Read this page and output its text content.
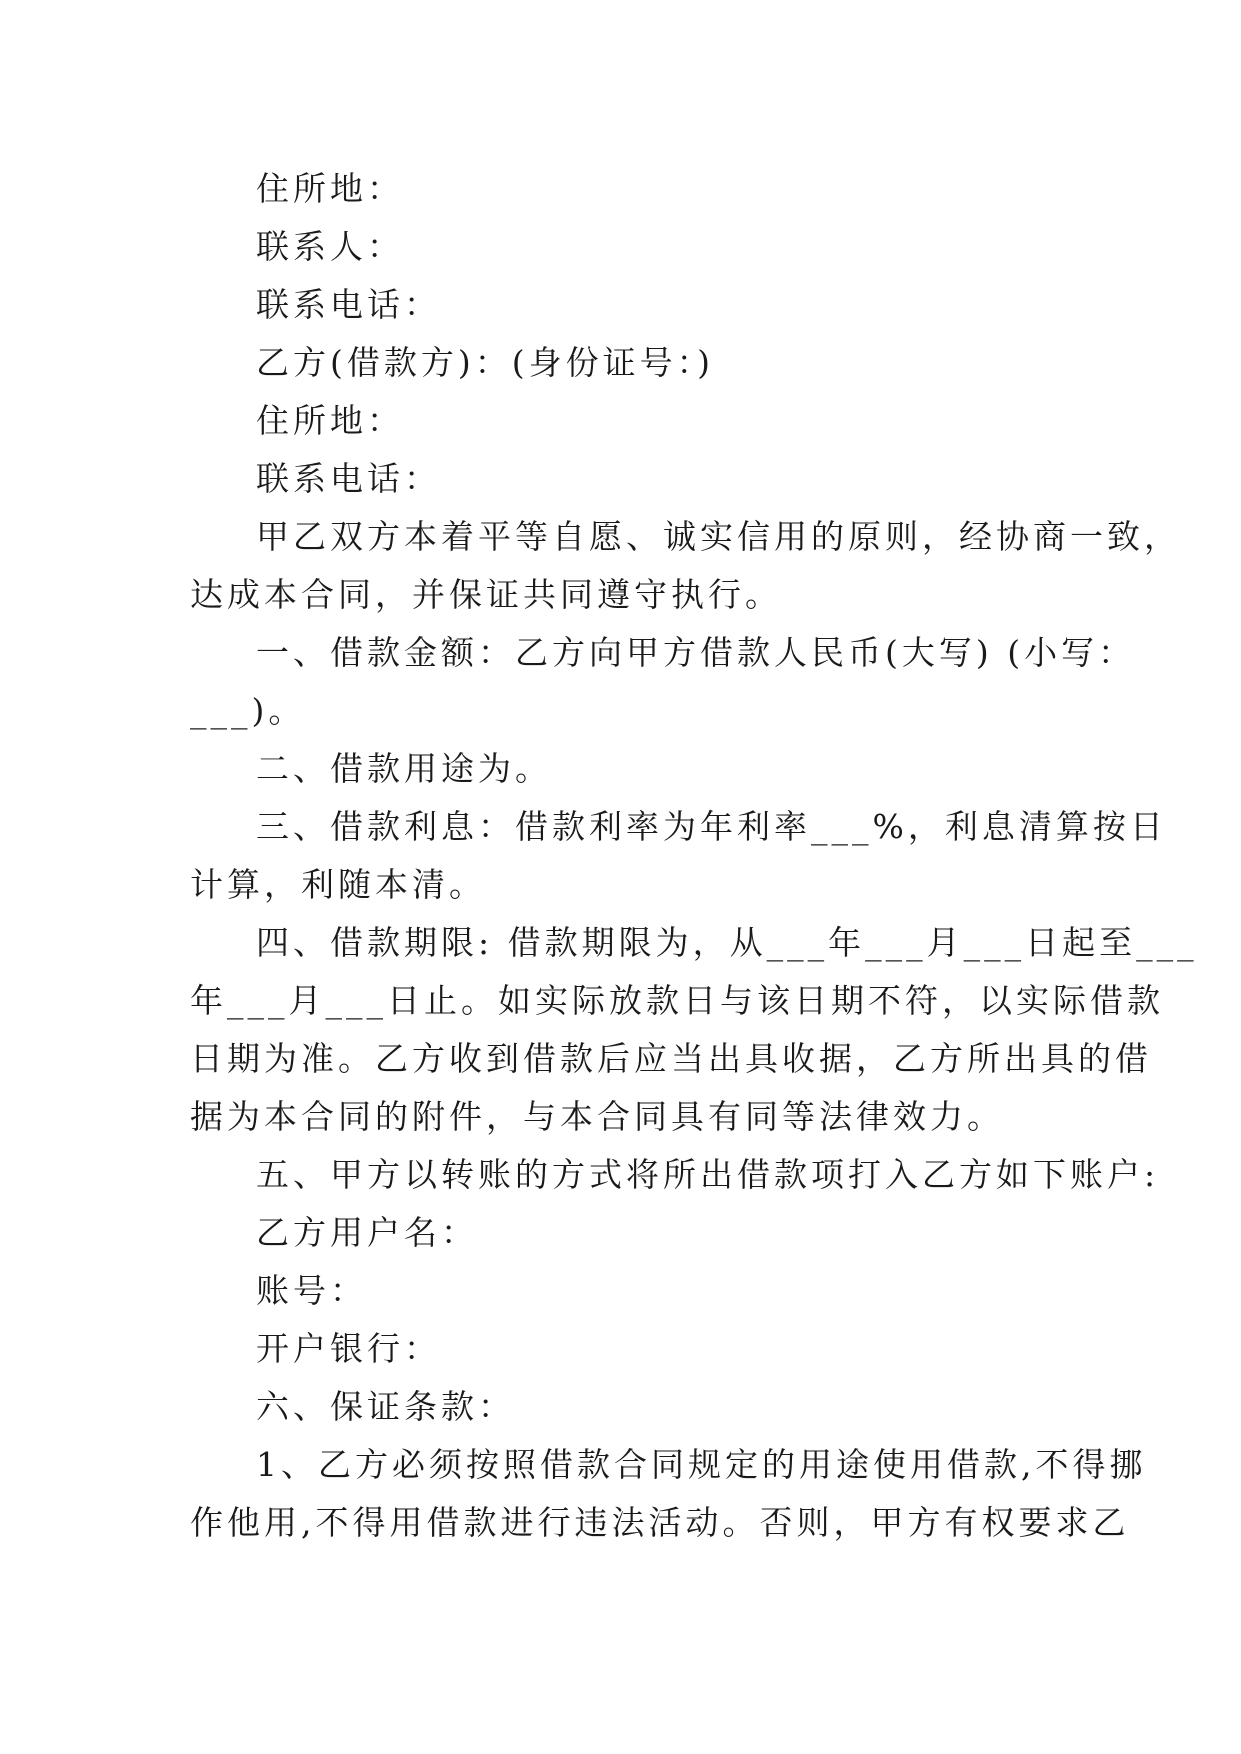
住所地：

联系人：

联系电话：

乙方(借款方)：(身份证号：)

住所地：

联系电话：

甲乙双方本着平等自愿、诚实信用的原则，经协商一致，

达成本合同，并保证共同遵守执行。

一、借款金额：乙方向甲方借款人民币(大写) (小写：

___)。

二、借款用途为。

三、借款利息：借款利率为年利率___%，利息清算按日

计算，利随本清。

四、借款期限: 借款期限为，从___年___月___日起至___

年___月___日止。如实际放款日与该日期不符，以实际借款

日期为准。乙方收到借款后应当出具收据，乙方所出具的借

据为本合同的附件，与本合同具有同等法律效力。

五、甲方以转账的方式将所出借款项打入乙方如下账户:

乙方用户名：

账号：

开户银行：

六、保证条款：

1、乙方必须按照借款合同规定的用途使用借款,不得挪

作他用,不得用借款进行违法活动。否则，甲方有权要求乙
